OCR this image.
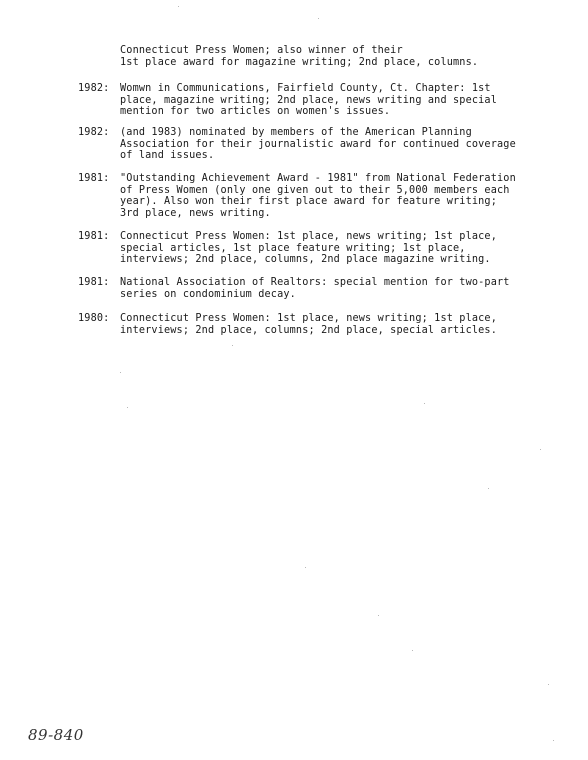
Connecticut Press Women; also winner of their
1st place award for magazine writing; 2nd place, columns.
1982:	Womwn in Communications, Fairfield County, Ct. Chapter: 1st
place, magazine writing; 2nd place, news writing and special
mention for two articles on women's issues.
1982:	(and 1983) nominated by members of the American Planning
Association for their journalistic award for continued coverage
of land issues.
1981:	"Outstanding Achievement Award - 1981" from National Federation
of Press Women (only one given out to their 5,000 members each
year). Also won their first place award for feature writing;
3rd place, news writing.
1981:	Connecticut Press Women: 1st place, news writing; 1st place,
special articles, 1st place feature writing; 1st place,
interviews; 2nd place, columns, 2nd place magazine writing.
1981:	National Association of Realtors: special mention for two-part
series on condominium decay.
1980:	Connecticut Press Women: 1st place, news writing; 1st place,
interviews; 2nd place, columns; 2nd place, special articles.
89-840
